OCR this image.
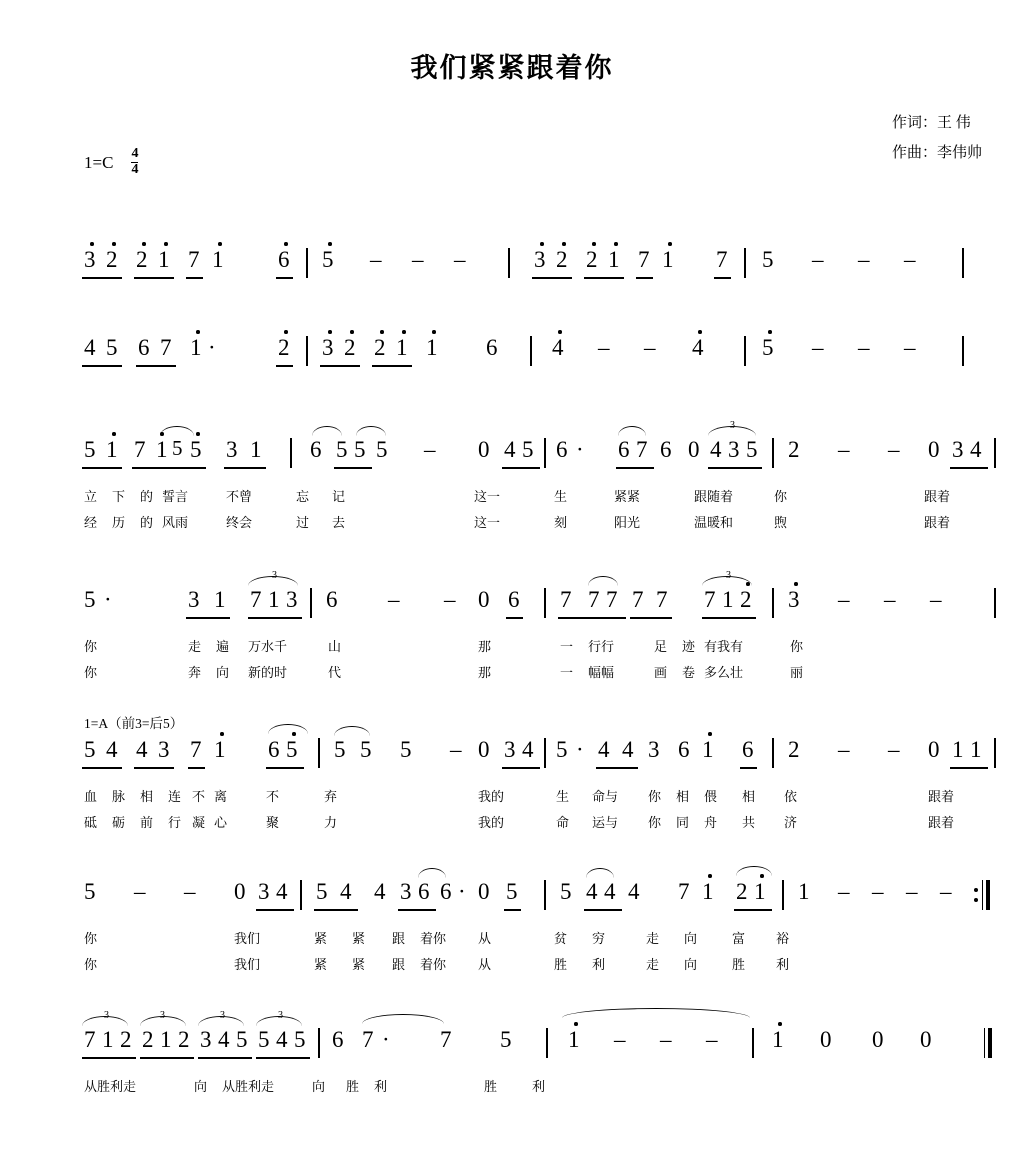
我们紧紧跟着你
作词：王 伟
作曲：李伟帅
$1=C \frac{4}{4}$
3 2 2 1 7 1 6 5 – – –	3 2 2 1 7 1 7 5 – – –
4 5 6 7 1 ·	2 3 2 2 1 1 6 4 – – 4	5 – – –
5 1 7 1 5 5 3 1 6 5 5 5 – 0 4 5 6 · 6 7 6 0
3
4 3 5 2 – – 0 3 4
立 下 的 誓言	不曾	忘 记	这一	生	紧紧	跟随着	你	跟着
经 历 的 风雨	终会	过 去	这一	刻	阳光	温暖和	煦	跟着
5 ·	3 1
3
7 1 3 6 – – 0 6 7 7 7 7 7
3
7 1 2 3 – – –
你	走 遍 万水千	山	那	一 行行	足 迹 有我有	你
你	奔 向 新的时	代	那	一 幅幅	画 卷 多么壮	丽
1=A（前3=后5）
5 4 4 3 7 1 6 5 5 5 5 – 0 3 4 5 · 4 4 3 6 1 6 2 – – 0 1 1
血 脉 相 连 不 离	不	弃	我的	生 命与 你 相 偎 相 依	跟着
砥 砺 前 行 凝 心	聚	力	我的	命 运与 你 同 舟 共 济	跟着
5 – – 0 3 4 5 4 4 3 6 6 · 0 5 5 4 4 4 7 1 2 1 1 – – – –
你	我们	紧 紧 跟 着你 从	贫 穷	走 向	富 裕
你	我们	紧 紧 跟 着你 从	胜 利	走 向	胜 利
3
7 1 2
3
2 1 2
3
3 4 5
3
5 4 5 6 7 · 7 5 1 – – – 1 0 0 0
从胜利走	向 从胜利走	向 胜 利	胜	利
